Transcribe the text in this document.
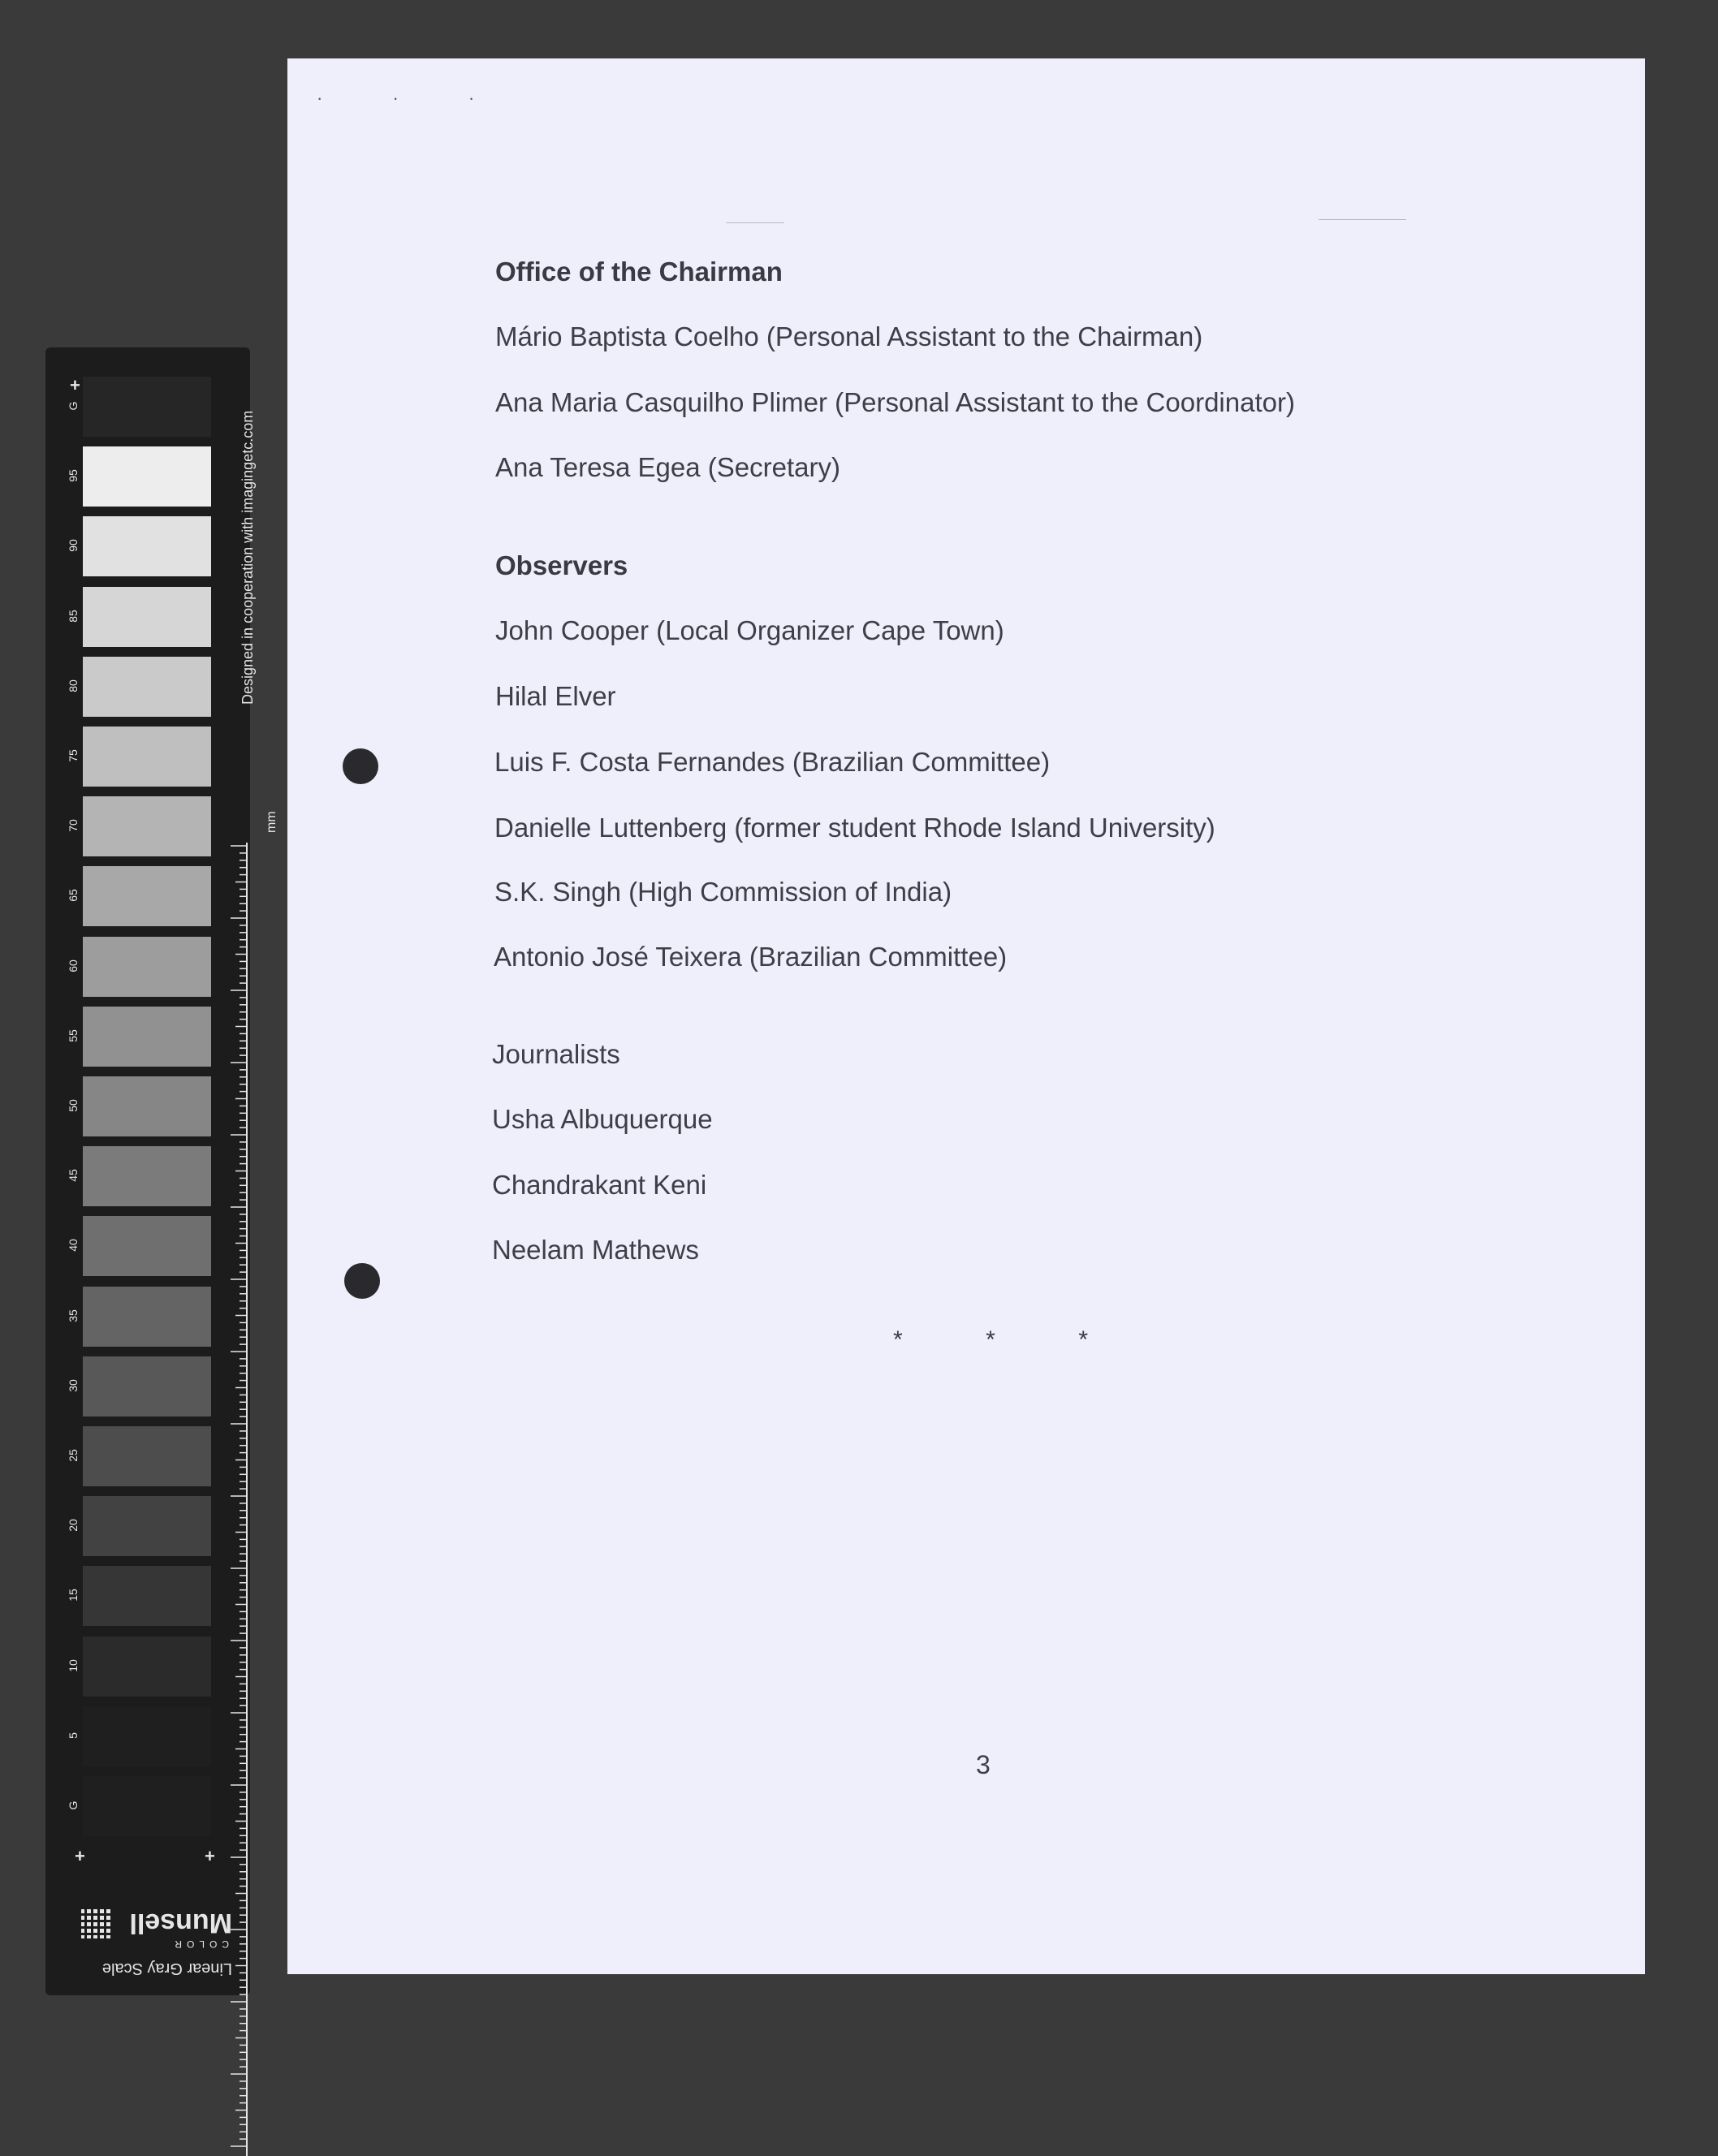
+
G
95
90
85
80
75
70
65
60
55
50
45
40
35
30
25
20
15
10
5
G
+	+
Designed in cooperation with imagingetc.com
mm
Linear Gray Scale
COLOR
Munsell
· · ·
Office of the Chairman
Mário Baptista Coelho (Personal Assistant to the Chairman)
Ana Maria Casquilho Plimer (Personal Assistant to the Coordinator)
Ana Teresa Egea (Secretary)
Observers
John Cooper (Local Organizer Cape Town)
Hilal Elver
Luis F. Costa Fernandes (Brazilian Committee)
Danielle Luttenberg (former student Rhode Island University)
S.K. Singh (High Commission of India)
Antonio José Teixera (Brazilian Committee)
Journalists
Usha Albuquerque
Chandrakant Keni
Neelam Mathews
*	*	*
3
